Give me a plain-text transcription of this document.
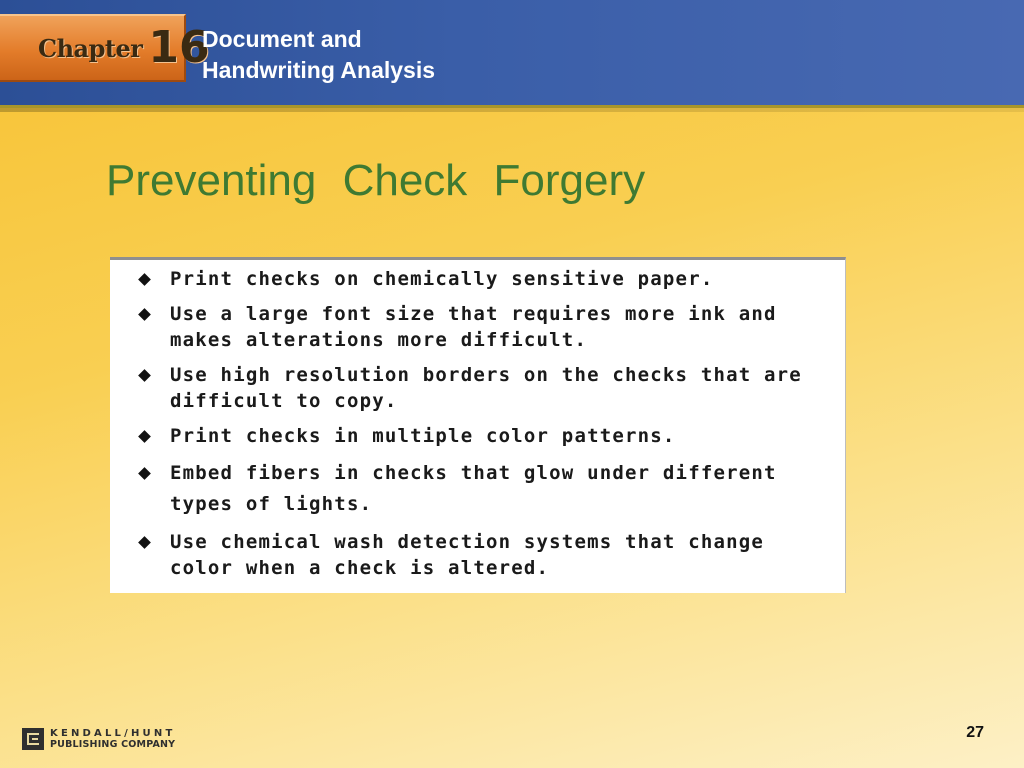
Chapter 16
Document and
Handwriting Analysis
Preventing Check Forgery
Print checks on chemically sensitive paper.
Use a large font size that requires more ink and makes alterations more difficult.
Use high resolution borders on the checks that are difficult to copy.
Print checks in multiple color patterns.
Embed fibers in checks that glow under different types of lights.
Use chemical wash detection systems that change color when a check is altered.
KENDALL/HUNT
PUBLISHING COMPANY
27
